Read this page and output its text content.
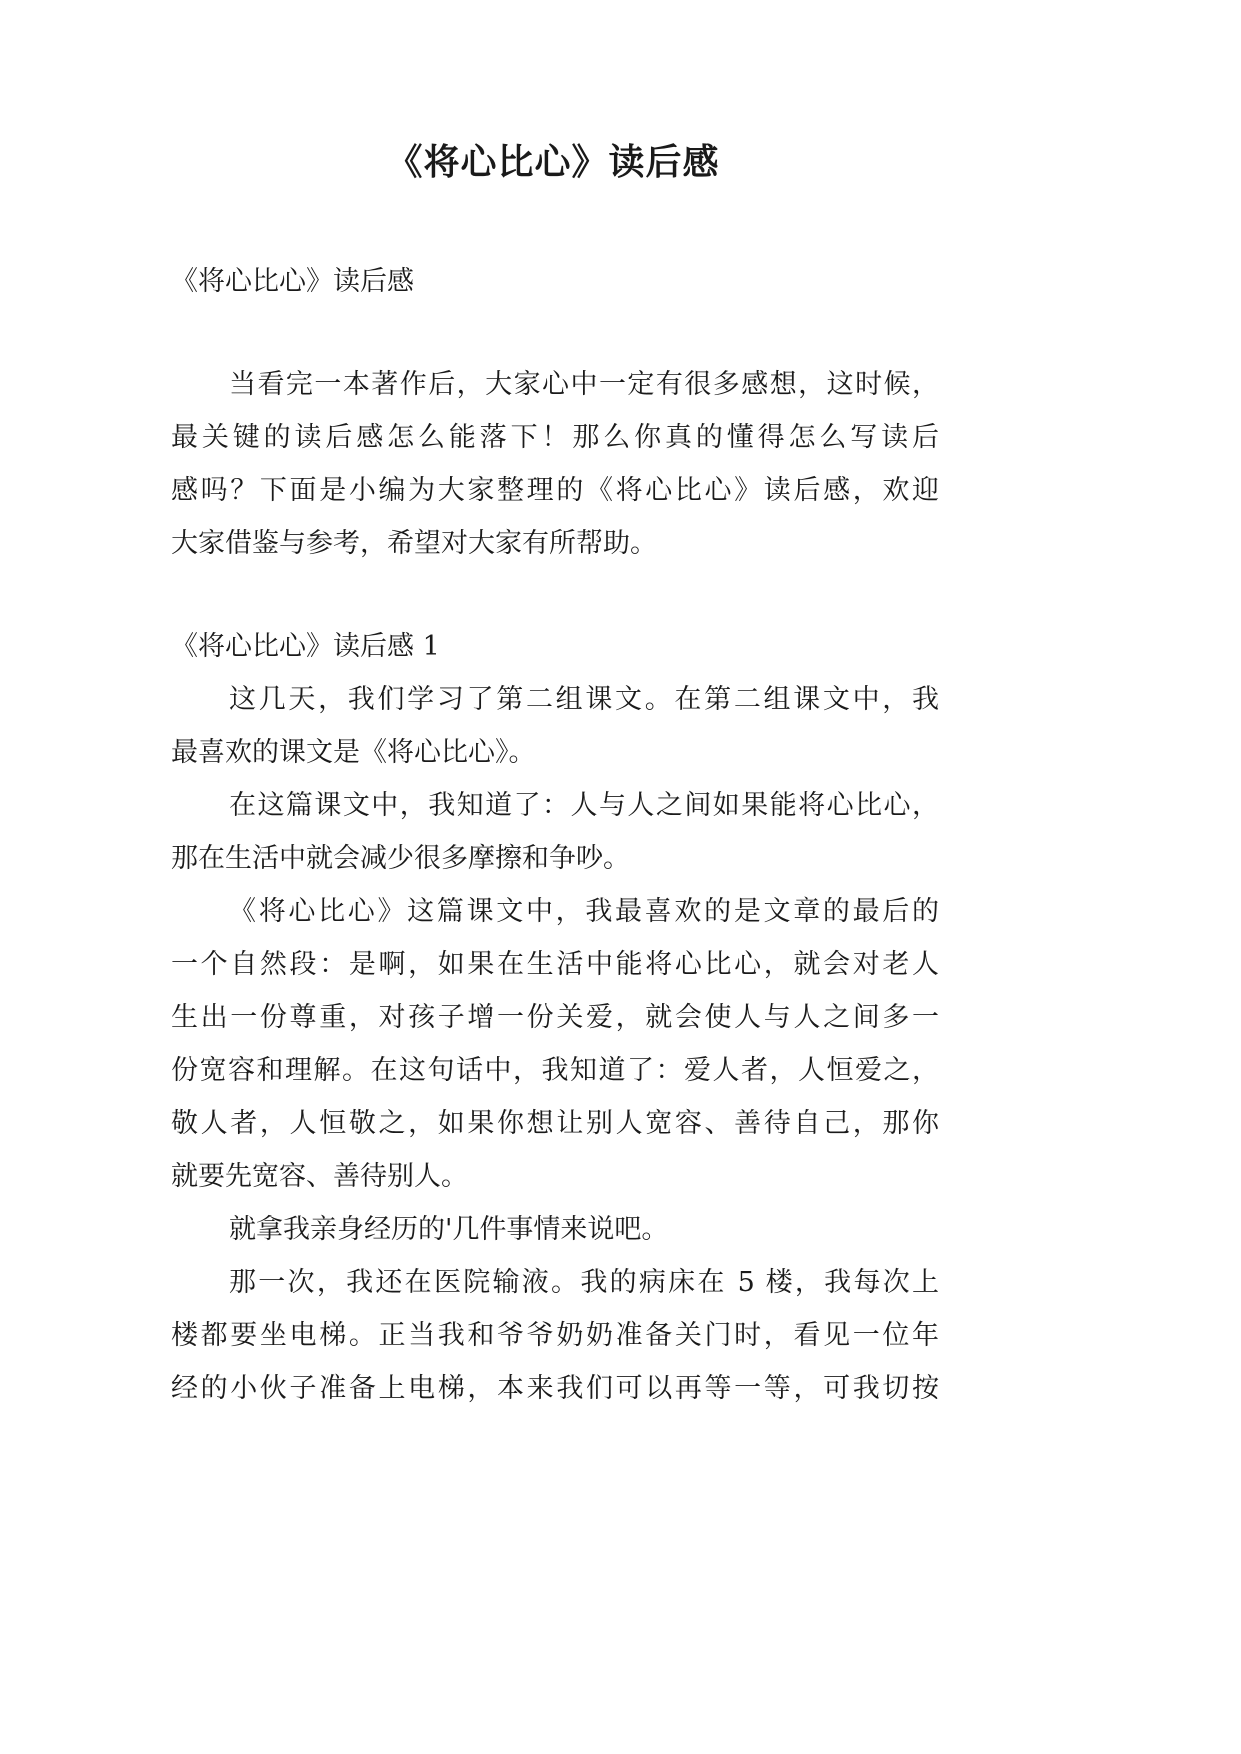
《将心比心》读后感

《将心比心》读后感

当看完一本著作后，大家心中一定有很多感想，这时候，

最关键的读后感怎么能落下！那么你真的懂得怎么写读后

感吗？下面是小编为大家整理的《将心比心》读后感，欢迎

大家借鉴与参考，希望对大家有所帮助。

《将心比心》读后感 1

这几天，我们学习了第二组课文。在第二组课文中，我

最喜欢的课文是《将心比心》。

在这篇课文中，我知道了：人与人之间如果能将心比心，

那在生活中就会减少很多摩擦和争吵。

《将心比心》这篇课文中，我最喜欢的是文章的最后的

一个自然段：是啊，如果在生活中能将心比心，就会对老人

生出一份尊重，对孩子增一份关爱，就会使人与人之间多一

份宽容和理解。在这句话中，我知道了：爱人者，人恒爱之，

敬人者，人恒敬之，如果你想让别人宽容、善待自己，那你

就要先宽容、善待别人。

就拿我亲身经历的'几件事情来说吧。

那一次，我还在医院输液。我的病床在 5 楼，我每次上

楼都要坐电梯。正当我和爷爷奶奶准备关门时，看见一位年

经的小伙子准备上电梯，本来我们可以再等一等，可我切按
